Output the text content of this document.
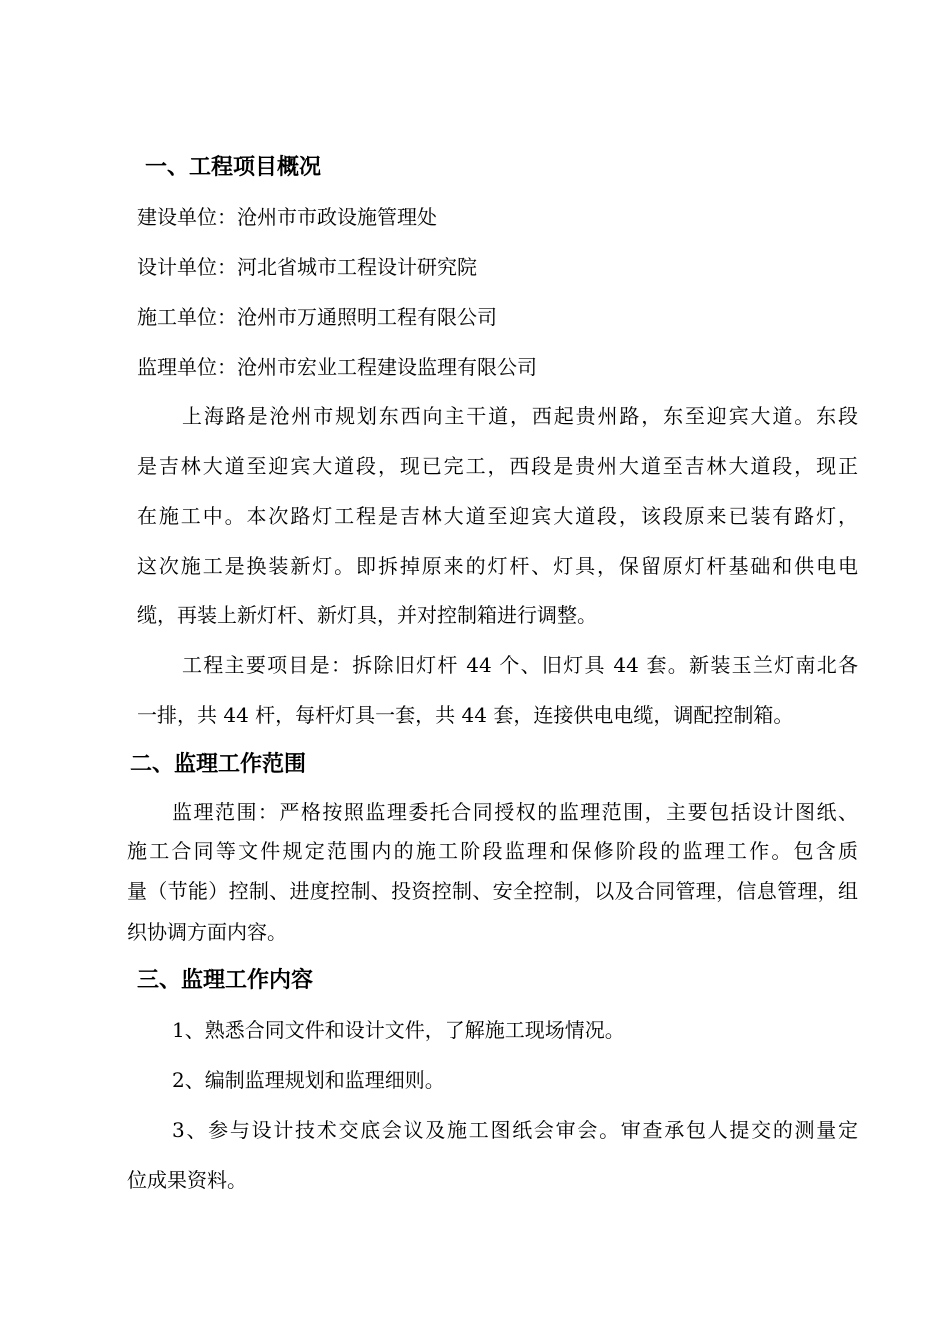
一、工程项目概况
建设单位：沧州市市政设施管理处
设计单位：河北省城市工程设计研究院
施工单位：沧州市万通照明工程有限公司
监理单位：沧州市宏业工程建设监理有限公司
上海路是沧州市规划东西向主干道，西起贵州路，东至迎宾大道。东段
是吉林大道至迎宾大道段，现已完工，西段是贵州大道至吉林大道段，现正
在施工中。本次路灯工程是吉林大道至迎宾大道段，该段原来已装有路灯，
这次施工是换装新灯。即拆掉原来的灯杆、灯具，保留原灯杆基础和供电电
缆，再装上新灯杆、新灯具，并对控制箱进行调整。
工程主要项目是：拆除旧灯杆 44 个、旧灯具 44 套。新装玉兰灯南北各
一排，共 44 杆，每杆灯具一套，共 44 套，连接供电电缆，调配控制箱。
二、监理工作范围
监理范围：严格按照监理委托合同授权的监理范围，主要包括设计图纸、
施工合同等文件规定范围内的施工阶段监理和保修阶段的监理工作。包含质
量（节能）控制、进度控制、投资控制、安全控制，以及合同管理，信息管理，组
织协调方面内容。
三、监理工作内容
1、熟悉合同文件和设计文件，了解施工现场情况。
2、编制监理规划和监理细则。
3、参与设计技术交底会议及施工图纸会审会。审查承包人提交的测量定
位成果资料。
